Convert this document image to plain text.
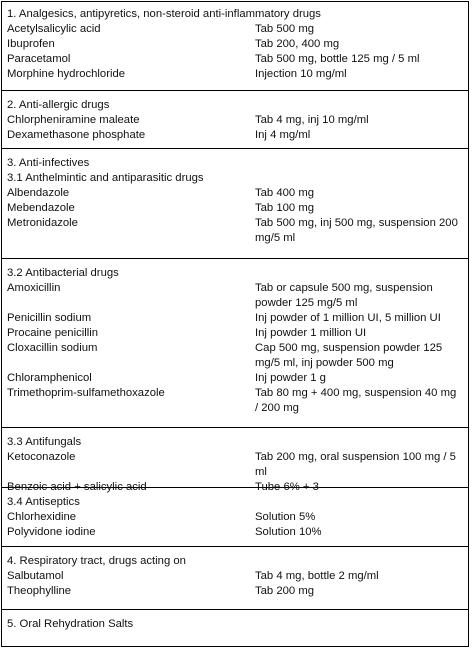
1. Analgesics, antipyretics, non-steroid anti-inflammatory drugs
Acetylsalicylic acid	Tab 500 mg
Ibuprofen	Tab 200, 400 mg
Paracetamol	Tab 500 mg, bottle 125 mg / 5 ml
Morphine hydrochloride	Injection 10 mg/ml
2. Anti-allergic drugs
Chlorpheniramine maleate	Tab 4 mg, inj 10 mg/ml
Dexamethasone phosphate	Inj 4 mg/ml
3. Anti-infectives
3.1 Anthelmintic and antiparasitic drugs
Albendazole	Tab 400 mg
Mebendazole	Tab 100 mg
Metronidazole	Tab 500 mg, inj 500 mg, suspension 200 mg/5 ml
3.2 Antibacterial drugs
Amoxicillin	Tab or capsule 500 mg, suspension powder 125 mg/5 ml
Penicillin sodium	Inj powder of 1 million UI, 5 million UI
Procaine penicillin	Inj powder 1 million UI
Cloxacillin sodium	Cap 500 mg, suspension powder 125 mg/5 ml, inj powder 500 mg
Chloramphenicol	Inj powder 1 g
Trimethoprim-sulfamethoxazole	Tab 80 mg + 400 mg, suspension 40 mg / 200 mg
3.3 Antifungals
Ketoconazole	Tab 200 mg, oral suspension 100 mg / 5 ml
Benzoic acid + salicylic acid	Tube 6% + 3
3.4 Antiseptics
Chlorhexidine	Solution 5%
Polyvidone iodine	Solution 10%
4. Respiratory tract, drugs acting on
Salbutamol	Tab 4 mg, bottle 2 mg/ml
Theophylline	Tab 200 mg
5. Oral Rehydration Salts
